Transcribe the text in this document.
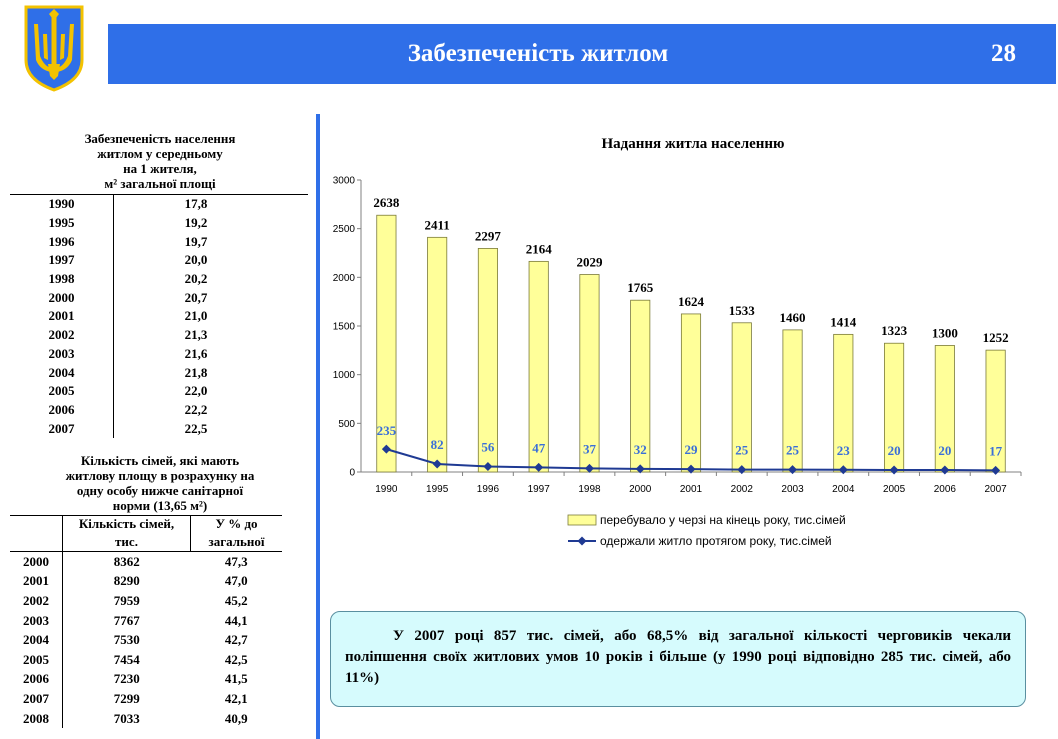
Забезпеченість житлом	28
Забезпеченість населення
житлом у середньому
на 1 жителя,
м² загальної площі
1990	17,8
1995	19,2
1996	19,7
1997	20,0
1998	20,2
2000	20,7
2001	21,0
2002	21,3
2003	21,6
2004	21,8
2005	22,0
2006	22,2
2007	22,5
Кількість сімей, які мають
житлову площу в розрахунку на
одну особу нижче санітарної
норми (13,65 м²)
	Кількість сімей,	У % до
	тис.	загальної
2000	8362	47,3
2001	8290	47,0
2002	7959	45,2
2003	7767	44,1
2004	7530	42,7
2005	7454	42,5
2006	7230	41,5
2007	7299	42,1
2008	7033	40,9
Надання житла населенню
0
500
1000
1500
2000
2500
3000
2638
1990
2411
1995
2297
1996
2164
1997
2029
1998
1765
2000
1624
2001
1533
2002
1460
2003
1414
2004
1323
2005
1300
2006
1252
2007
235
82	56	47	37	32	29	25	25	23	20	20	17
перебувало у черзі на кінець року, тис.сімей
одержали житло протягом року, тис.сімей
У 2007 році 857 тис. сімей, або 68,5% від загальної кількості черговиків чекали поліпшення своїх житлових умов 10 років і більше (у 1990 році відповідно 285 тис. сімей, або 11%)
